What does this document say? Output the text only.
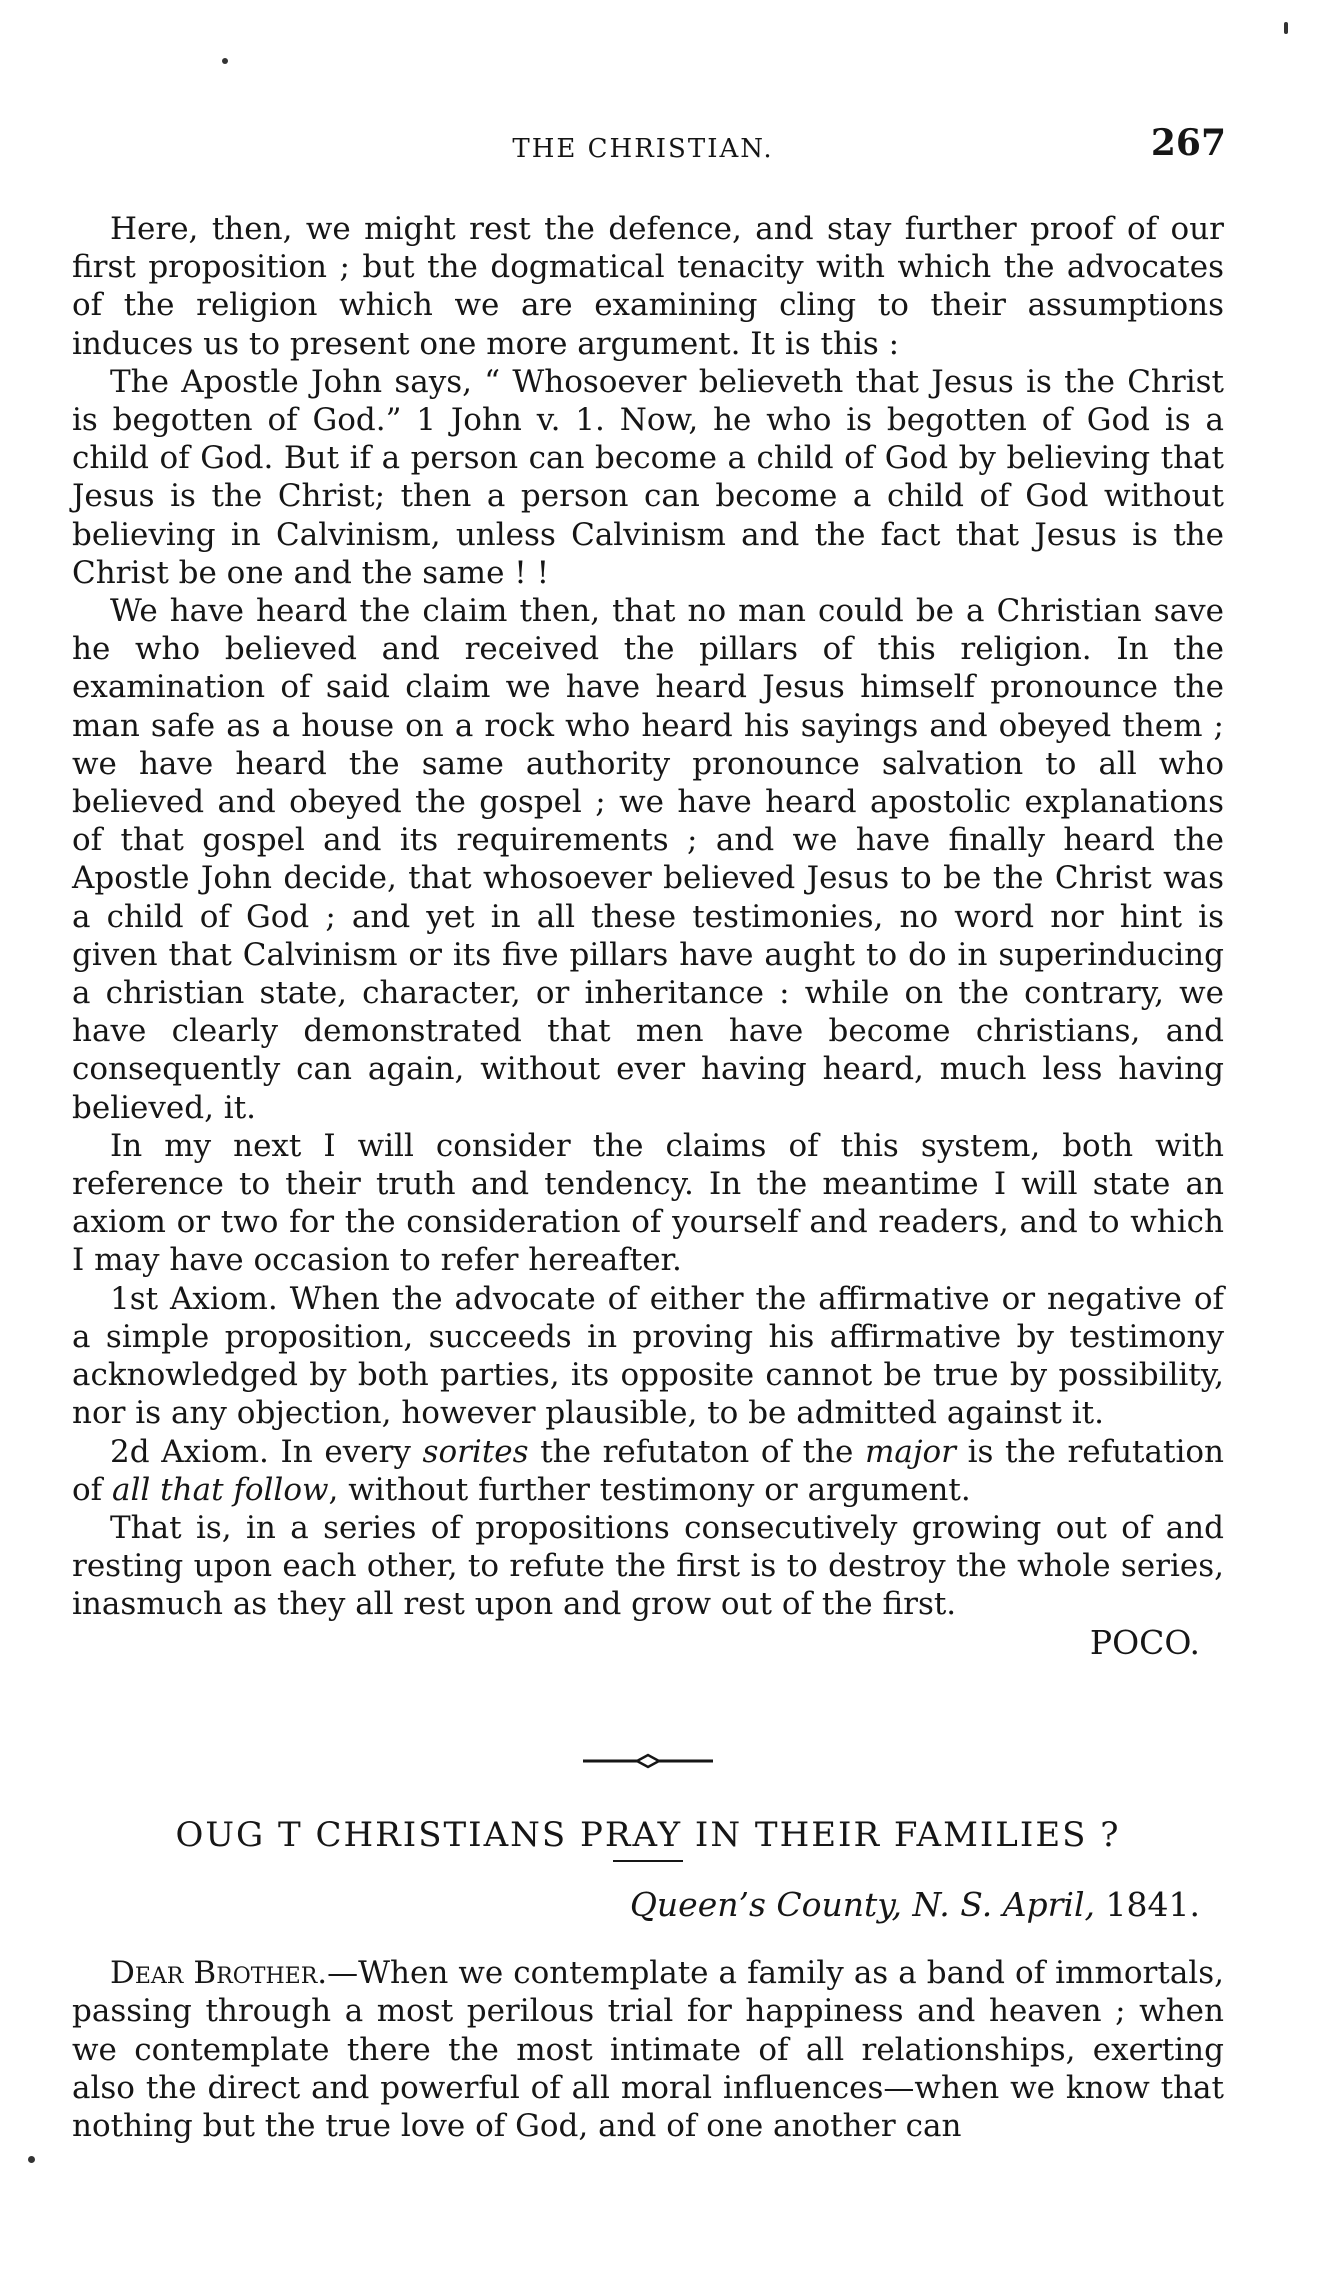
THE CHRISTIAN.	267

Here, then, we might rest the defence, and stay further proof of our first proposition ; but the dogmatical tenacity with which the advocates of the religion which we are examining cling to their assumptions induces us to present one more argument. It is this :

The Apostle John says, “ Whosoever believeth that Jesus is the Christ is begotten of God.” 1 John v. 1. Now, he who is begotten of God is a child of God. But if a person can become a child of God by believing that Jesus is the Christ; then a person can become a child of God without believing in Calvinism, unless Calvinism and the fact that Jesus is the Christ be one and the same ! !

We have heard the claim then, that no man could be a Christian save he who believed and received the pillars of this religion. In the examination of said claim we have heard Jesus himself pronounce the man safe as a house on a rock who heard his sayings and obeyed them ; we have heard the same authority pronounce salvation to all who believed and obeyed the gospel ; we have heard apostolic explanations of that gospel and its requirements ; and we have finally heard the Apostle John decide, that whosoever believed Jesus to be the Christ was a child of God ; and yet in all these testimonies, no word nor hint is given that Calvinism or its five pillars have aught to do in superinducing a christian state, character, or inheritance : while on the contrary, we have clearly demonstrated that men have become christians, and consequently can again, without ever having heard, much less having believed, it.

In my next I will consider the claims of this system, both with reference to their truth and tendency. In the meantime I will state an axiom or two for the consideration of yourself and readers, and to which I may have occasion to refer hereafter.

1st Axiom. When the advocate of either the affirmative or negative of a simple proposition, succeeds in proving his affirmative by testimony acknowledged by both parties, its opposite cannot be true by possibility, nor is any objection, however plausible, to be admitted against it.

2d Axiom. In every sorites the refutaton of the major is the refutation of all that follow, without further testimony or argument.

That is, in a series of propositions consecutively growing out of and resting upon each other, to refute the first is to destroy the whole series, inasmuch as they all rest upon and grow out of the first.

POCO.

OUG T CHRISTIANS PRAY IN THEIR FAMILIES ?

Queen’s County, N. S. April, 1841.

Dear Brother.—When we contemplate a family as a band of immortals, passing through a most perilous trial for happiness and heaven ; when we contemplate there the most intimate of all relationships, exerting also the direct and powerful of all moral influences—when we know that nothing but the true love of God, and of one another can
